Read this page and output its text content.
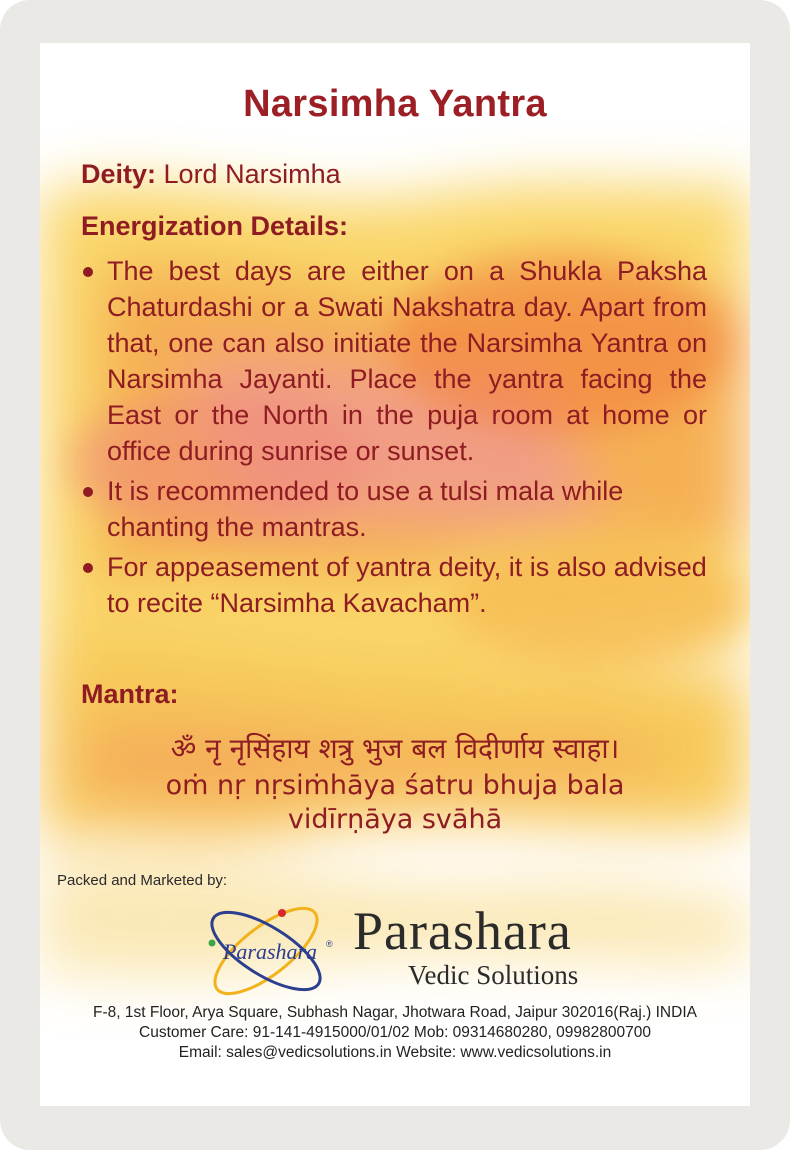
Narsimha Yantra
Deity: Lord Narsimha
Energization Details:
The best days are either on a Shukla Paksha Chaturdashi or a Swati Nakshatra day. Apart from that, one can also initiate the Narsimha Yantra on Narsimha Jayanti. Place the yantra facing the East or the North in the puja room at home or office during sunrise or sunset.
It is recommended to use a tulsi mala while chanting the mantras.
For appeasement of yantra deity, it is also advised to recite “Narsimha Kavacham”.
Mantra:
ॐ नृ नृसिंहाय शत्रु भुज बल विदीर्णाय स्वाहा।
oṁ nṛ nṛsiṁhāya śatru bhuja bala vidīrṇāya svāhā
Packed and Marketed by:
Parashara ® Parashara
Vedic Solutions
F-8, 1st Floor, Arya Square, Subhash Nagar, Jhotwara Road, Jaipur 302016(Raj.) INDIA
Customer Care: 91-141-4915000/01/02 Mob: 09314680280, 09982800700
Email: sales@vedicsolutions.in Website: www.vedicsolutions.in
